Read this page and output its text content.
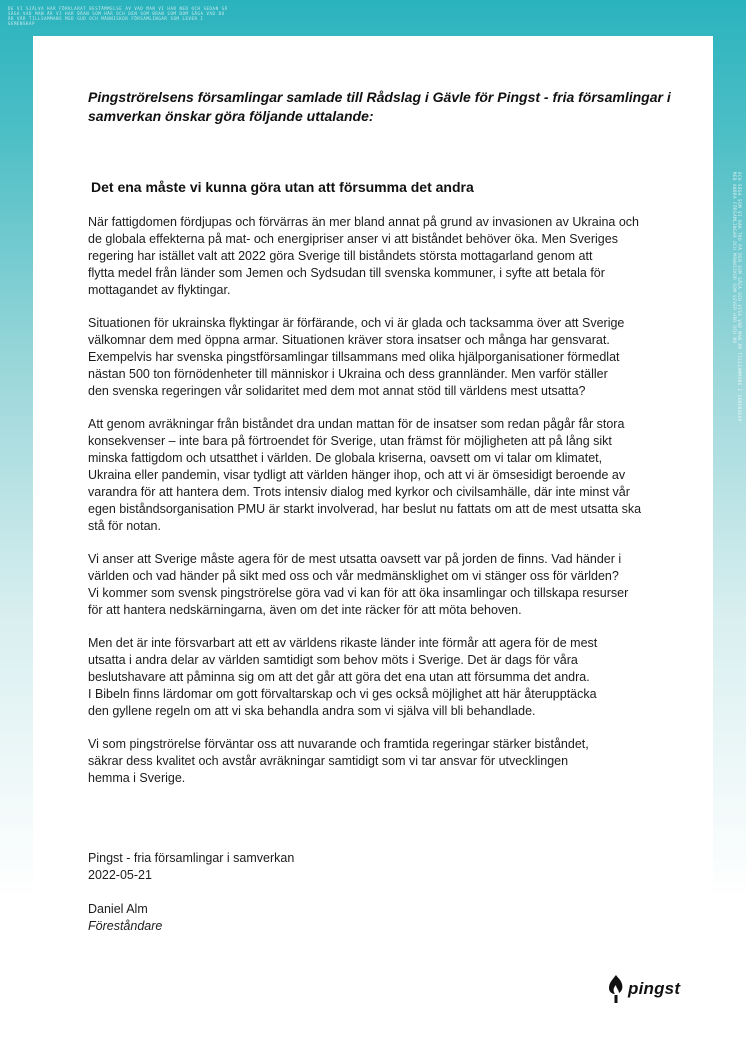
DE VI SJÄLVA HAR FÖRKLARAT BESTÄMMELSE AV VAD MAN VI HAR NED OCH SEDAN SÅ SÄGA VAD MAN ÄR VI HAR BRAN SOM HÄR OCH DEN SOM BRAN SOM DOM SÄGA VAD DU ÄR VÄR TILLSAMMANS MED GUD OCH MÄNNISKOR FÖRSAMLINGAR SOM LEVER I GEMENSKAP
OCH SÄGA SOM VI HAR TRO PÅ DEN SOM SÄGA OCH VISA VAD MAN ÄR TILLSAMMANS I GEMENSKAP MED ANDRA FÖRSAMLINGAR OCH MÄNNISKOR SOM LEVER HÄR OCH NU
Pingströrelsens församlingar samlade till Rådslag i Gävle för Pingst - fria församlingar i
samverkan önskar göra följande uttalande:
Det ena måste vi kunna göra utan att försumma det andra

När fattigdomen fördjupas och förvärras än mer bland annat på grund av invasionen av Ukraina och
de globala effekterna på mat- och energipriser anser vi att biståndet behöver öka. Men Sveriges
regering har istället valt att 2022 göra Sverige till biståndets största mottagarland genom att
flytta medel från länder som Jemen och Sydsudan till svenska kommuner, i syfte att betala för
mottagandet av flyktingar.

Situationen för ukrainska flyktingar är förfärande, och vi är glada och tacksamma över att Sverige
välkomnar dem med öppna armar. Situationen kräver stora insatser och många har gensvarat.
Exempelvis har svenska pingstförsamlingar tillsammans med olika hjälporganisationer förmedlat
nästan 500 ton förnödenheter till människor i Ukraina och dess grannländer. Men varför ställer
den svenska regeringen vår solidaritet med dem mot annat stöd till världens mest utsatta?

Att genom avräkningar från biståndet dra undan mattan för de insatser som redan pågår får stora
konsekvenser – inte bara på förtroendet för Sverige, utan främst för möjligheten att på lång sikt
minska fattigdom och utsatthet i världen. De globala kriserna, oavsett om vi talar om klimatet,
Ukraina eller pandemin, visar tydligt att världen hänger ihop, och att vi är ömsesidigt beroende av
varandra för att hantera dem. Trots intensiv dialog med kyrkor och civilsamhälle, där inte minst vår
egen biståndsorganisation PMU är starkt involverad, har beslut nu fattats om att de mest utsatta ska
stå för notan.

Vi anser att Sverige måste agera för de mest utsatta oavsett var på jorden de finns. Vad händer i
världen och vad händer på sikt med oss och vår medmänsklighet om vi stänger oss för världen?
Vi kommer som svensk pingströrelse göra vad vi kan för att öka insamlingar och tillskapa resurser
för att hantera nedskärningarna, även om det inte räcker för att möta behoven.

Men det är inte försvarbart att ett av världens rikaste länder inte förmår att agera för de mest
utsatta i andra delar av världen samtidigt som behov möts i Sverige. Det är dags för våra
beslutshavare att påminna sig om att det går att göra det ena utan att försumma det andra.
I Bibeln finns lärdomar om gott förvaltarskap och vi ges också möjlighet att här återupptäcka
den gyllene regeln om att vi ska behandla andra som vi själva vill bli behandlade.

Vi som pingströrelse förväntar oss att nuvarande och framtida regeringar stärker biståndet,
säkrar dess kvalitet och avstår avräkningar samtidigt som vi tar ansvar för utvecklingen
hemma i Sverige.

Pingst - fria församlingar i samverkan
2022-05-21
Daniel Alm
Föreståndare
pingst
